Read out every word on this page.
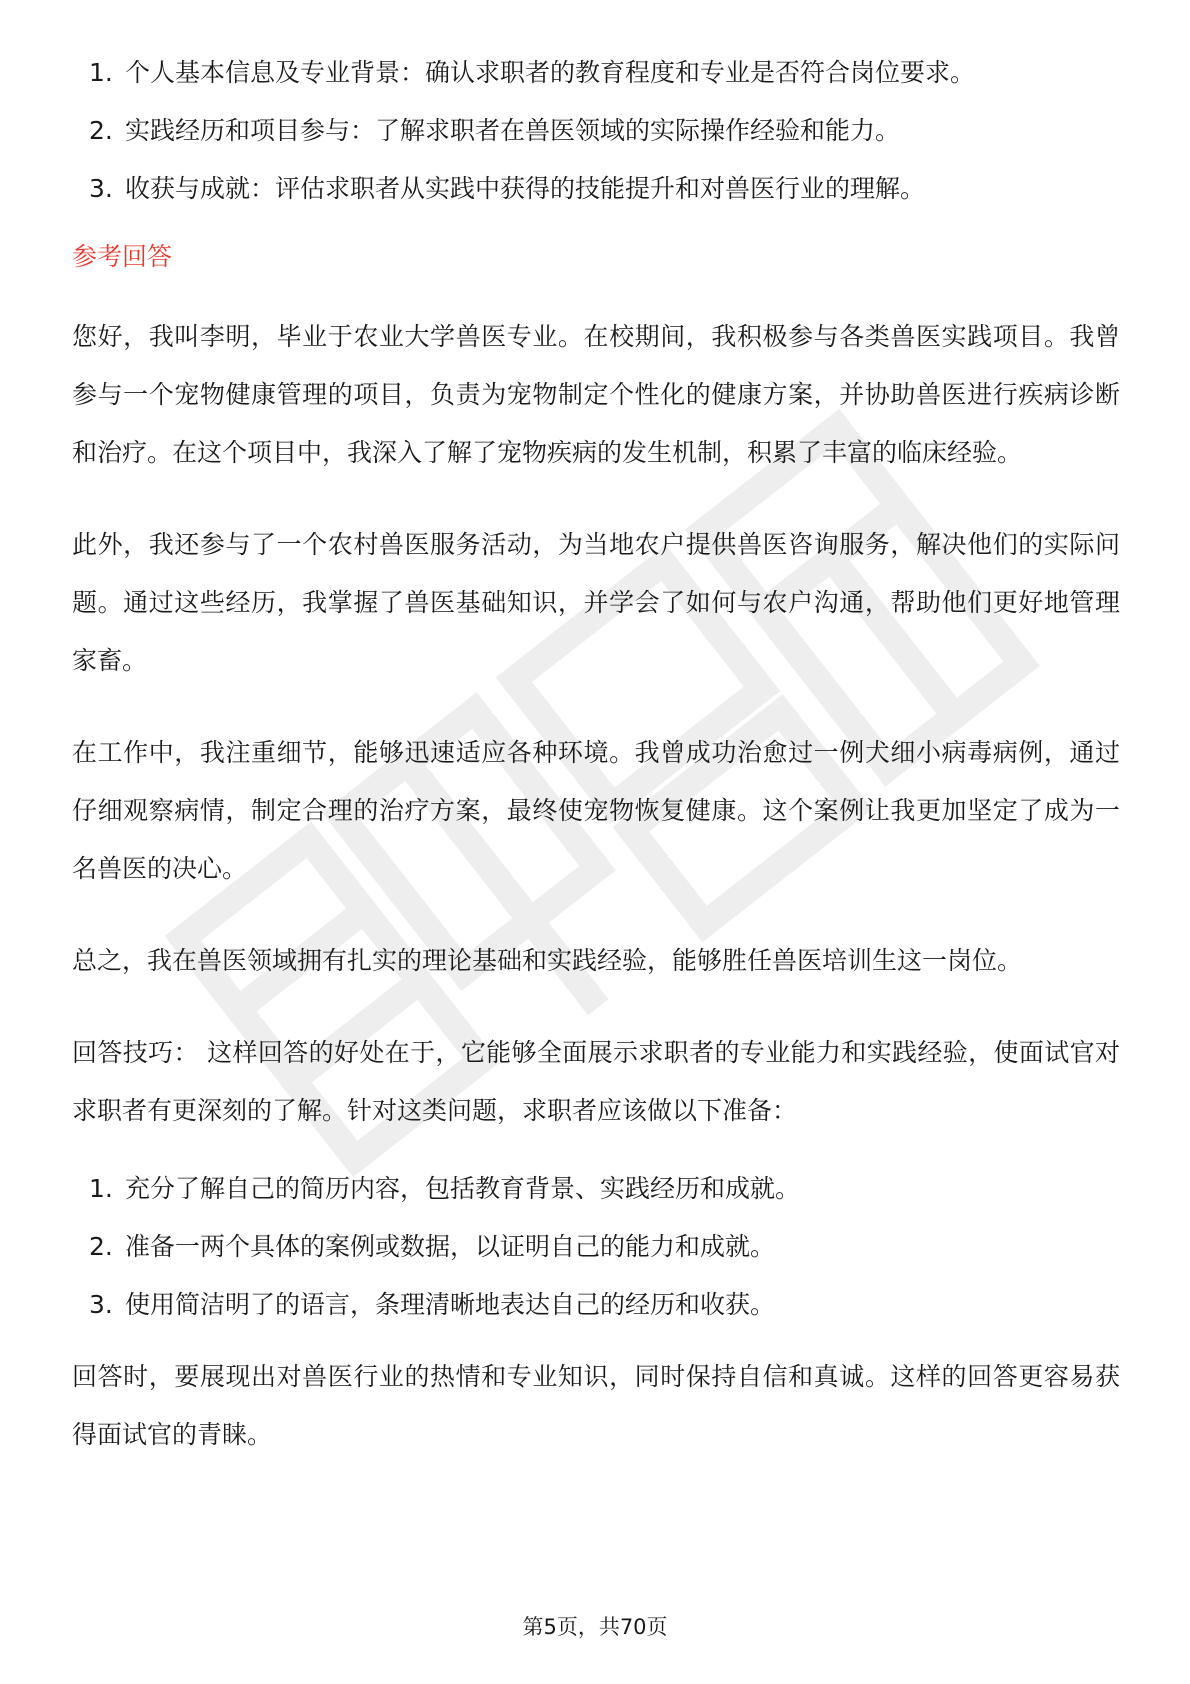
1. 个人基本信息及专业背景：确认求职者的教育程度和专业是否符合岗位要求。
2. 实践经历和项目参与：了解求职者在兽医领域的实际操作经验和能力。
3. 收获与成就：评估求职者从实践中获得的技能提升和对兽医行业的理解。
参考回答

您好，我叫李明，毕业于农业大学兽医专业。在校期间，我积极参与各类兽医实践项目。我曾参与一个宠物健康管理的项目，负责为宠物制定个性化的健康方案，并协助兽医进行疾病诊断和治疗。在这个项目中，我深入了解了宠物疾病的发生机制，积累了丰富的临床经验。

此外，我还参与了一个农村兽医服务活动，为当地农户提供兽医咨询服务，解决他们的实际问题。通过这些经历，我掌握了兽医基础知识，并学会了如何与农户沟通，帮助他们更好地管理家畜。

在工作中，我注重细节，能够迅速适应各种环境。我曾成功治愈过一例犬细小病毒病例，通过仔细观察病情，制定合理的治疗方案，最终使宠物恢复健康。这个案例让我更加坚定了成为一名兽医的决心。

总之，我在兽医领域拥有扎实的理论基础和实践经验，能够胜任兽医培训生这一岗位。

回答技巧： 这样回答的好处在于，它能够全面展示求职者的专业能力和实践经验，使面试官对求职者有更深刻的了解。针对这类问题，求职者应该做以下准备：

1. 充分了解自己的简历内容，包括教育背景、实践经历和成就。
2. 准备一两个具体的案例或数据，以证明自己的能力和成就。
3. 使用简洁明了的语言，条理清晰地表达自己的经历和收获。

回答时，要展现出对兽医行业的热情和专业知识，同时保持自信和真诚。这样的回答更容易获得面试官的青睐。

第5页，共70页
